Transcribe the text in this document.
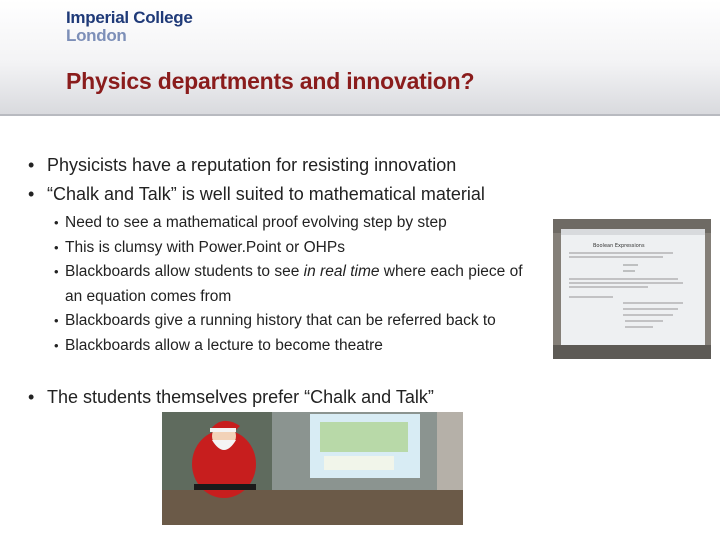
Imperial College
London
Physics departments and innovation?
• Physicists have a reputation for resisting innovation
• “Chalk and Talk” is well suited to mathematical material
• Need to see a mathematical proof evolving step by step
• This is clumsy with Power.Point or OHPs
• Blackboards allow students to see in real time where each piece of an equation comes from
• Blackboards give a running history that can be referred back to
• Blackboards allow a lecture to become theatre
• The students themselves prefer “Chalk and Talk”
Boolean Expressions
